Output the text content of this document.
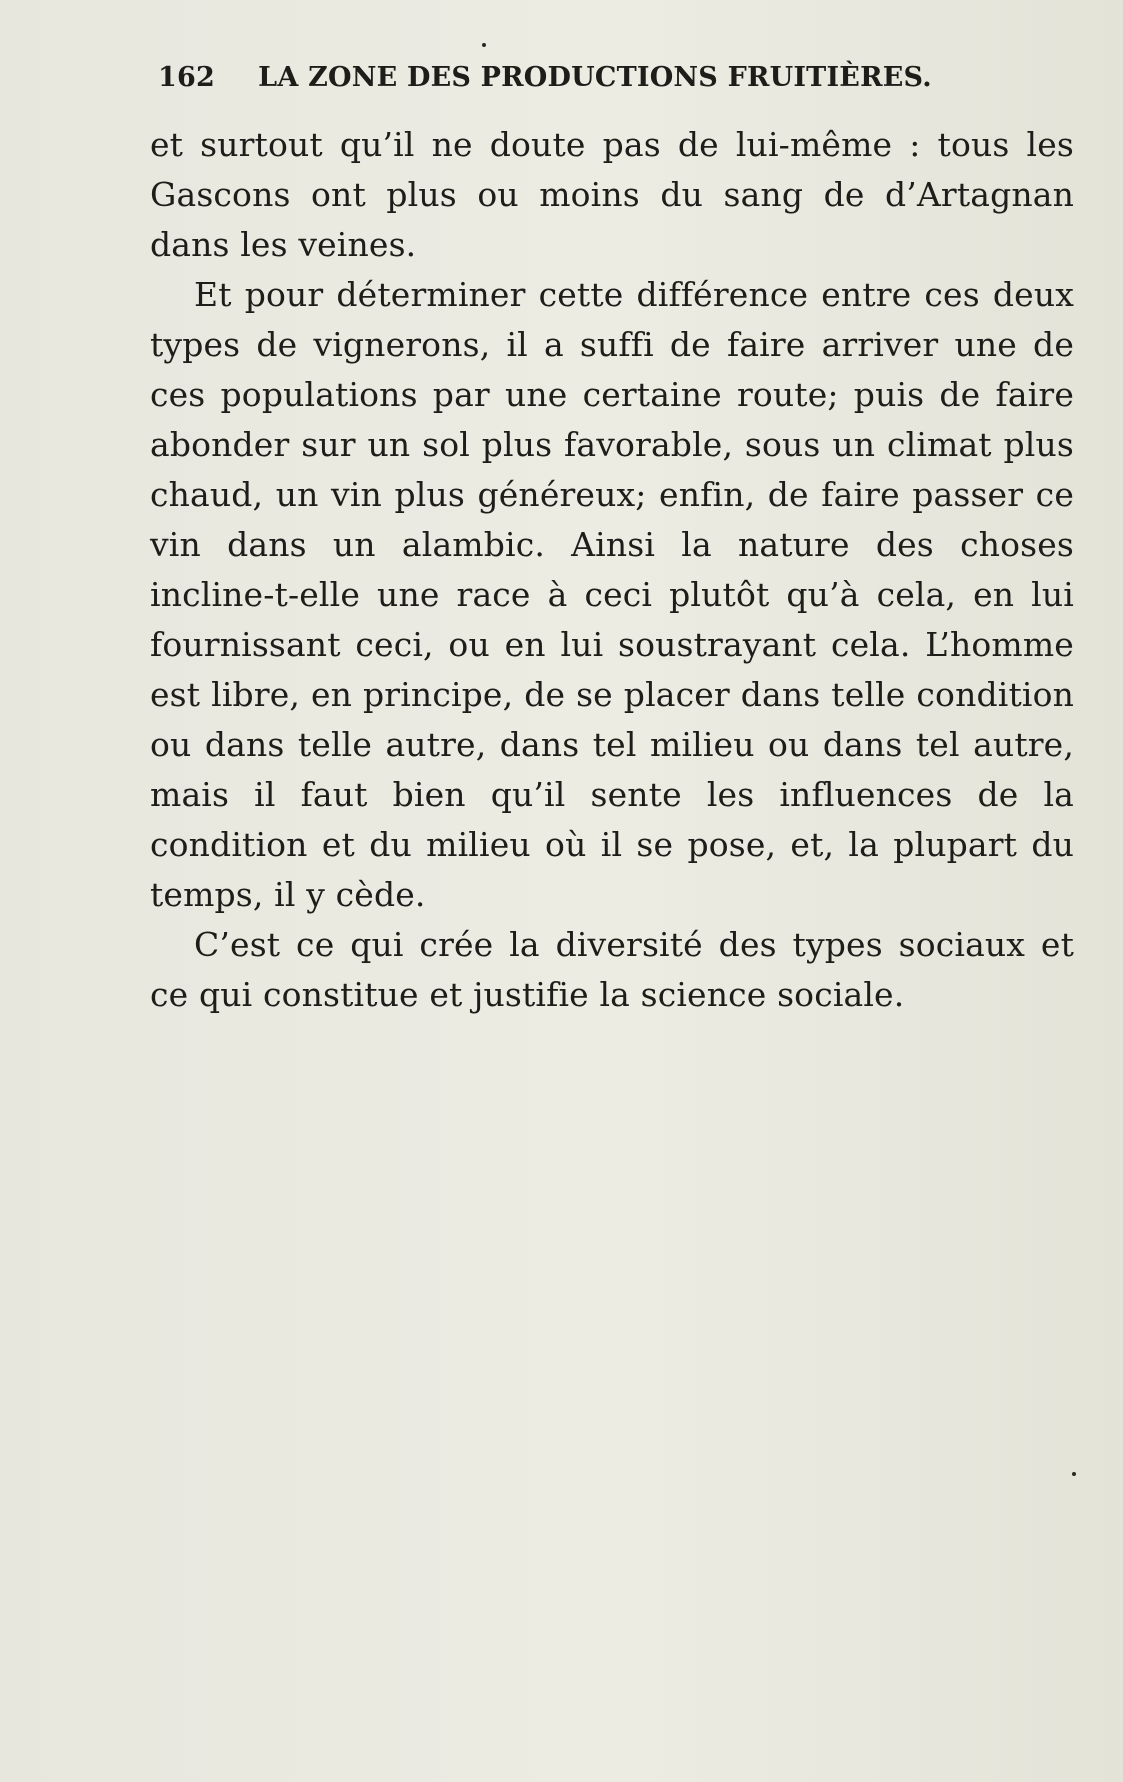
162	LA ZONE DES PRODUCTIONS FRUITIÈRES.

et surtout qu’il ne doute pas de lui-même : tous les Gascons ont plus ou moins du sang de d’Artagnan dans les veines.

Et pour déterminer cette différence entre ces deux types de vignerons, il a suffi de faire arriver une de ces populations par une certaine route; puis de faire abonder sur un sol plus favorable, sous un climat plus chaud, un vin plus généreux; enfin, de faire passer ce vin dans un alambic. Ainsi la nature des choses incline-t-elle une race à ceci plutôt qu’à cela, en lui fournissant ceci, ou en lui soustrayant cela. L’homme est libre, en principe, de se placer dans telle condition ou dans telle autre, dans tel milieu ou dans tel autre, mais il faut bien qu’il sente les influences de la condition et du milieu où il se pose, et, la plupart du temps, il y cède.

C’est ce qui crée la diversité des types sociaux et ce qui constitue et justifie la science sociale.
